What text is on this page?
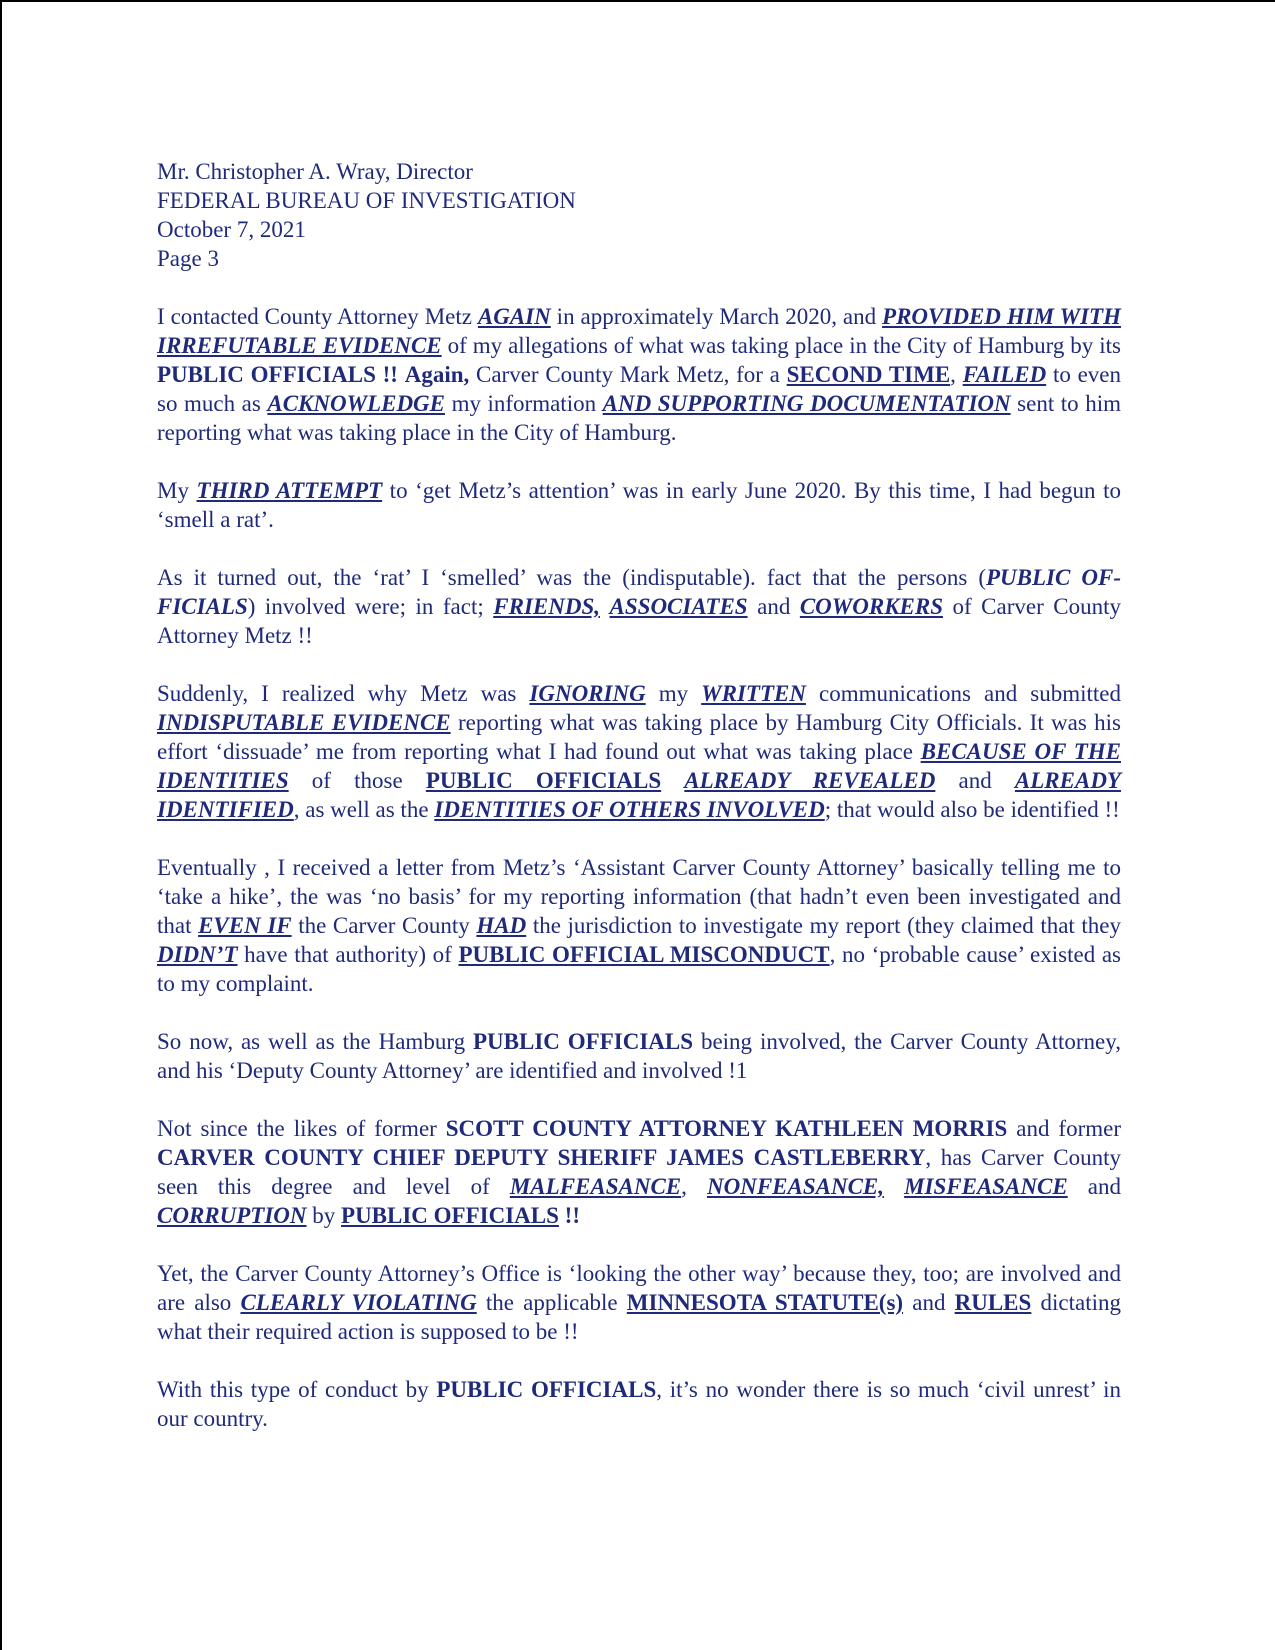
Mr. Christopher A. Wray, Director

FEDERAL BUREAU OF INVESTIGATION

October 7, 2021

Page 3

I contacted County Attorney Metz AGAIN in approximately March 2020, and PROVIDED HIM WITH IRREFUTABLE EVIDENCE of my allegations of what was taking place in the City of Hamburg by its PUBLIC OFFICIALS !! Again, Carver County Mark Metz, for a SECOND TIME, FAILED to even so much as ACKNOWLEDGE my information AND SUPPORTING DOCUMENTATION sent to him reporting what was taking place in the City of Hamburg.

My THIRD ATTEMPT to ‘get Metz’s attention’ was in early June 2020. By this time, I had begun to ‘smell a rat’.

As it turned out, the ‘rat’ I ‘smelled’ was the (indisputable). fact that the persons (PUBLIC OFFICIALS) involved were; in fact; FRIENDS, ASSOCIATES and COWORKERS of Carver County Attorney Metz !!

Suddenly, I realized why Metz was IGNORING my WRITTEN communications and submitted INDISPUTABLE EVIDENCE reporting what was taking place by Hamburg City Officials. It was his effort ‘dissuade’ me from reporting what I had found out what was taking place BECAUSE OF THE IDENTITIES of those PUBLIC OFFICIALS ALREADY REVEALED and ALREADY IDENTIFIED, as well as the IDENTITIES OF OTHERS INVOLVED; that would also be identified !!

Eventually , I received a letter from Metz’s ‘Assistant Carver County Attorney’ basically telling me to ‘take a hike’, the was ‘no basis’ for my reporting information (that hadn’t even been investigated and that EVEN IF the Carver County HAD the jurisdiction to investigate my report (they claimed that they DIDN’T have that authority) of PUBLIC OFFICIAL MISCONDUCT, no ‘probable cause’ existed as to my complaint.

So now, as well as the Hamburg PUBLIC OFFICIALS being involved, the Carver County Attorney, and his ‘Deputy County Attorney’ are identified and involved !1

Not since the likes of former SCOTT COUNTY ATTORNEY KATHLEEN MORRIS and former CARVER COUNTY CHIEF DEPUTY SHERIFF JAMES CASTLEBERRY, has Carver County seen this degree and level of MALFEASANCE, NONFEASANCE, MISFEASANCE and CORRUPTION by PUBLIC OFFICIALS !!

Yet, the Carver County Attorney’s Office is ‘looking the other way’ because they, too; are involved and are also CLEARLY VIOLATING the applicable MINNESOTA STATUTE(s) and RULES dictating what their required action is supposed to be !!

With this type of conduct by PUBLIC OFFICIALS, it’s no wonder there is so much ‘civil unrest’ in our country.
